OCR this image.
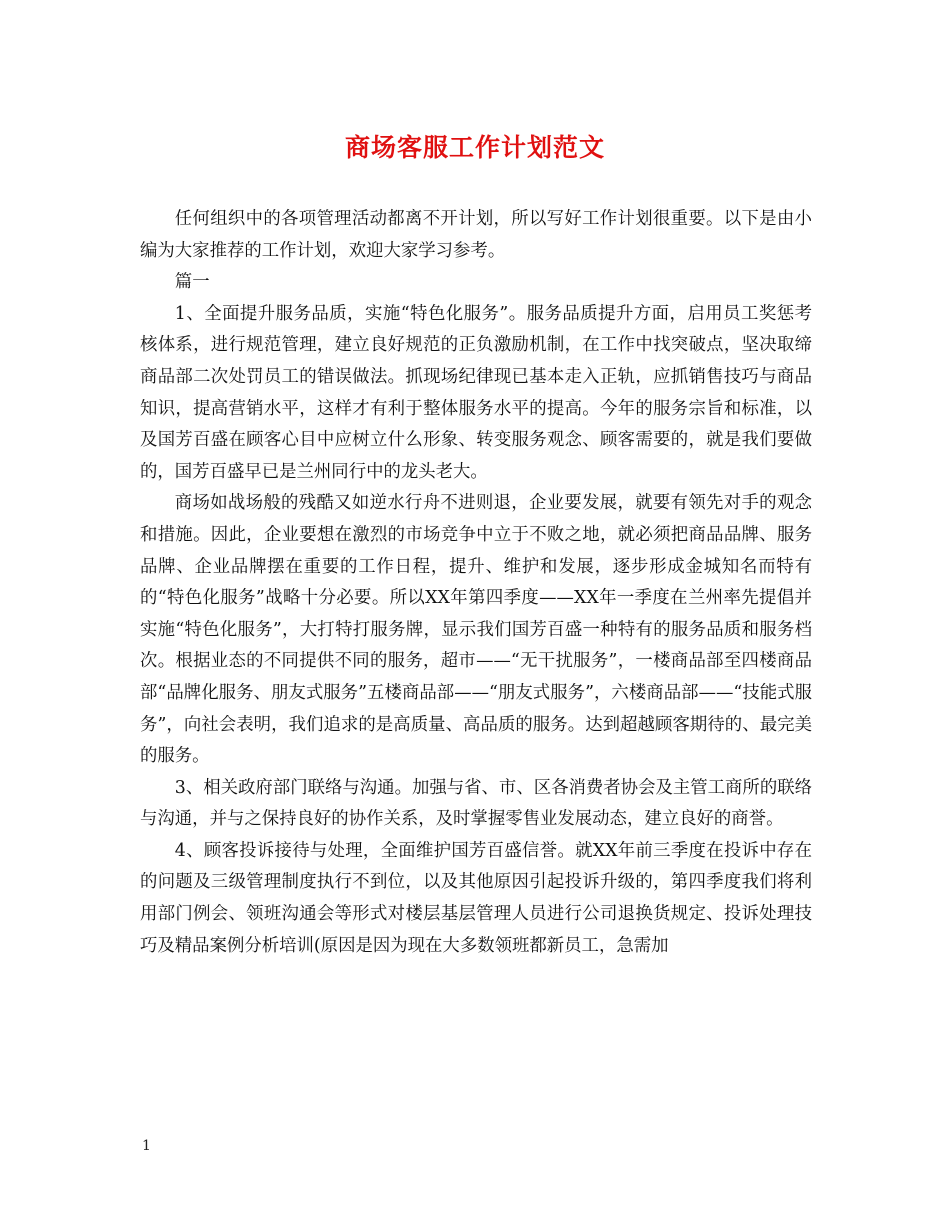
商场客服工作计划范文

任何组织中的各项管理活动都离不开计划，所以写好工作计划很重要。以下是由小编为大家推荐的工作计划，欢迎大家学习参考。

篇一

1、全面提升服务品质，实施“特色化服务”。服务品质提升方面，启用员工奖惩考核体系，进行规范管理，建立良好规范的正负激励机制，在工作中找突破点，坚决取缔商品部二次处罚员工的错误做法。抓现场纪律现已基本走入正轨，应抓销售技巧与商品知识，提高营销水平，这样才有利于整体服务水平的提高。今年的服务宗旨和标准，以及国芳百盛在顾客心目中应树立什么形象、转变服务观念、顾客需要的，就是我们要做的，国芳百盛早已是兰州同行中的龙头老大。

商场如战场般的残酷又如逆水行舟不进则退，企业要发展，就要有领先对手的观念和措施。因此，企业要想在激烈的市场竞争中立于不败之地，就必须把商品品牌、服务品牌、企业品牌摆在重要的工作日程，提升、维护和发展，逐步形成金城知名而特有的“特色化服务”战略十分必要。所以XX年第四季度——XX年一季度在兰州率先提倡并实施“特色化服务”，大打特打服务牌，显示我们国芳百盛一种特有的服务品质和服务档次。根据业态的不同提供不同的服务，超市——“无干扰服务”，一楼商品部至四楼商品部“品牌化服务、朋友式服务”五楼商品部——“朋友式服务”，六楼商品部——“技能式服务”，向社会表明，我们追求的是高质量、高品质的服务。达到超越顾客期待的、最完美的服务。

3、相关政府部门联络与沟通。加强与省、市、区各消费者协会及主管工商所的联络与沟通，并与之保持良好的协作关系，及时掌握零售业发展动态，建立良好的商誉。

4、顾客投诉接待与处理，全面维护国芳百盛信誉。就XX年前三季度在投诉中存在的问题及三级管理制度执行不到位，以及其他原因引起投诉升级的，第四季度我们将利用部门例会、领班沟通会等形式对楼层基层管理人员进行公司退换货规定、投诉处理技巧及精品案例分析培训(原因是因为现在大多数领班都新员工，急需加

1
